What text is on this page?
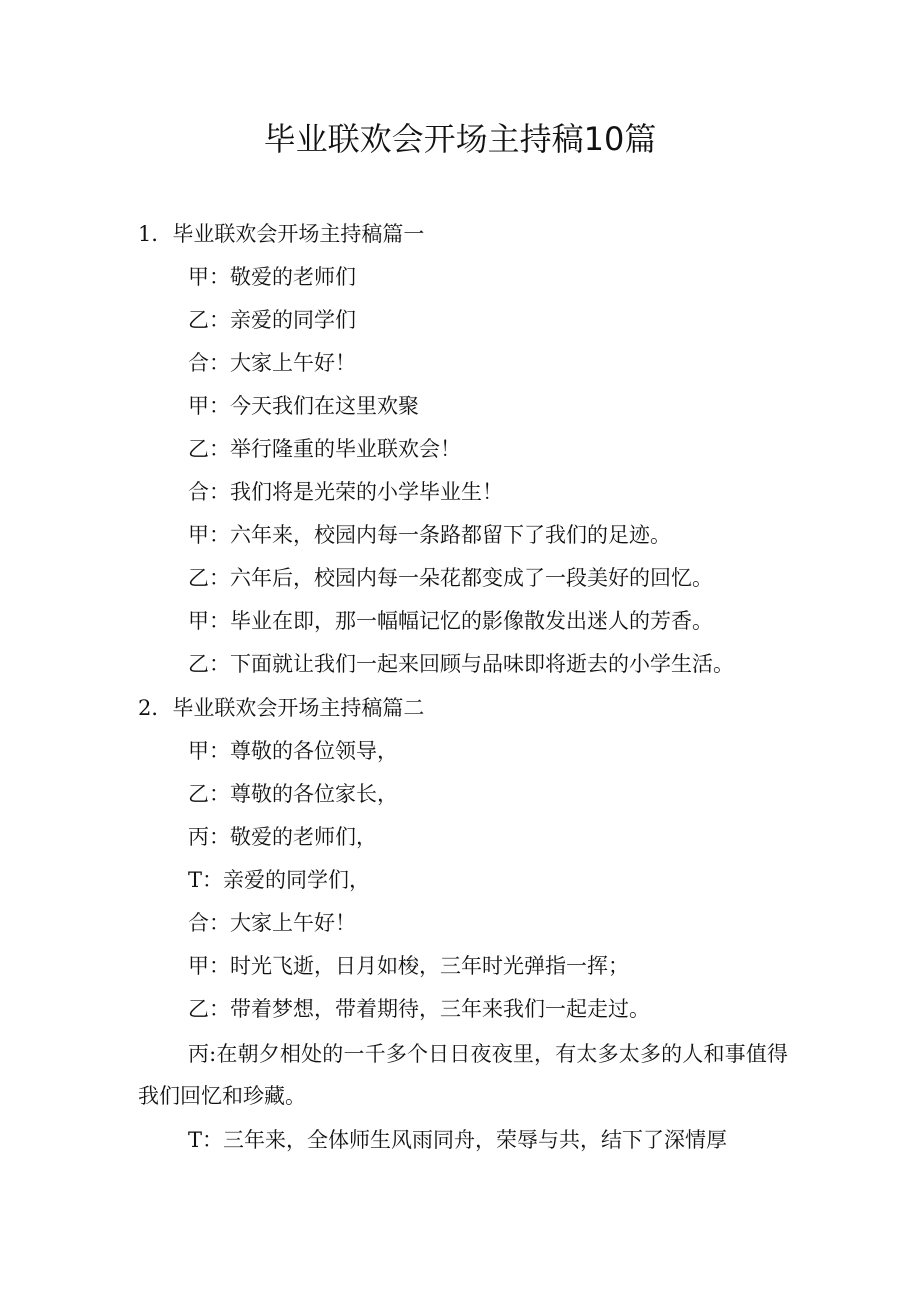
毕业联欢会开场主持稿10篇
1．毕业联欢会开场主持稿篇一
甲：敬爱的老师们
乙：亲爱的同学们
合：大家上午好！
甲：今天我们在这里欢聚
乙：举行隆重的毕业联欢会！
合：我们将是光荣的小学毕业生！
甲：六年来，校园内每一条路都留下了我们的足迹。
乙：六年后，校园内每一朵花都变成了一段美好的回忆。
甲：毕业在即，那一幅幅记忆的影像散发出迷人的芳香。
乙：下面就让我们一起来回顾与品味即将逝去的小学生活。
2．毕业联欢会开场主持稿篇二
甲：尊敬的各位领导，
乙：尊敬的各位家长，
丙：敬爱的老师们，
T：亲爱的同学们，
合：大家上午好！
甲：时光飞逝，日月如梭，三年时光弹指一挥；
乙：带着梦想，带着期待，三年来我们一起走过。

丙:在朝夕相处的一千多个日日夜夜里，有太多太多的人和事值得我们回忆和珍藏。

T：三年来，全体师生风雨同舟，荣辱与共，结下了深情厚
